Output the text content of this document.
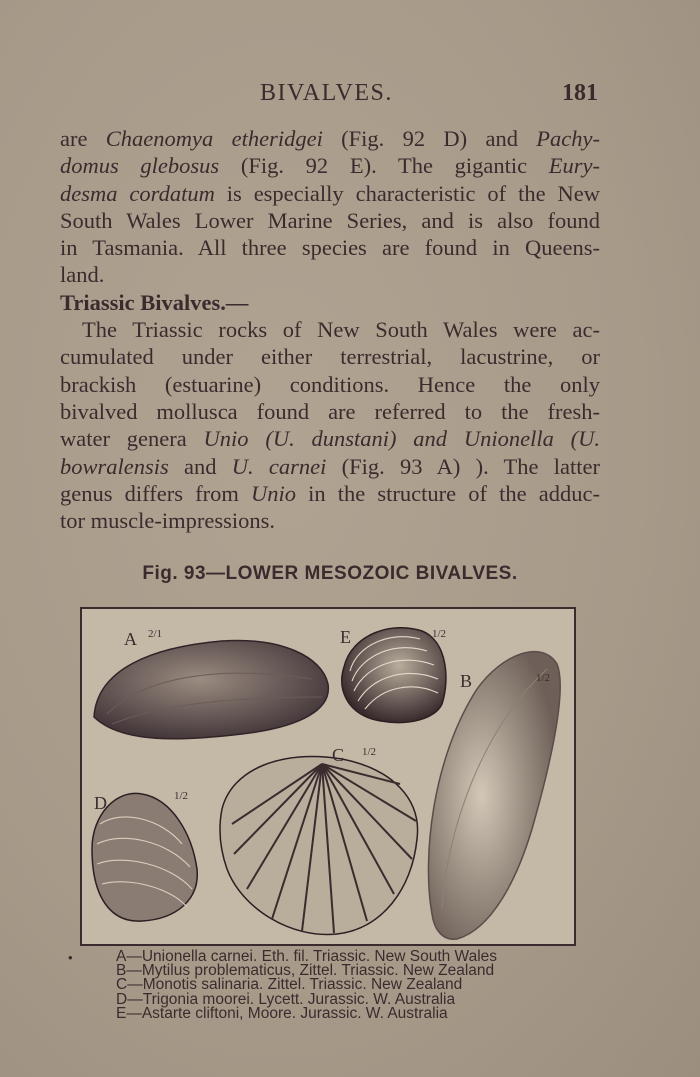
BIVALVES.	181
are Chaenomya etheridgei (Fig. 92 D) and Pachy-
domus glebosus (Fig. 92 E). The gigantic Eury-
desma cordatum is especially characteristic of the New
South Wales Lower Marine Series, and is also found
in Tasmania. All three species are found in Queens-
land.
Triassic Bivalves.—
The Triassic rocks of New South Wales were ac-
cumulated under either terrestrial, lacustrine, or
brackish (estuarine) conditions. Hence the only
bivalved mollusca found are referred to the fresh-
water genera Unio (U. dunstani) and Unionella (U.
bowralensis and U. carnei (Fig. 93 A) ). The latter
genus differs from Unio in the structure of the adduc-
tor muscle-impressions.
Fig. 93—LOWER MESOZOIC BIVALVES.
A 2/1	E	1/2
B	1/2
C 1/2
D	1/2
•	A—Unionella carnei. Eth. fil. Triassic. New South Wales
B—Mytilus problematicus, Zittel. Triassic. New Zealand
C—Monotis salinaria. Zittel. Triassic. New Zealand
D—Trigonia moorei. Lycett. Jurassic. W. Australia
E—Astarte cliftoni, Moore. Jurassic. W. Australia
